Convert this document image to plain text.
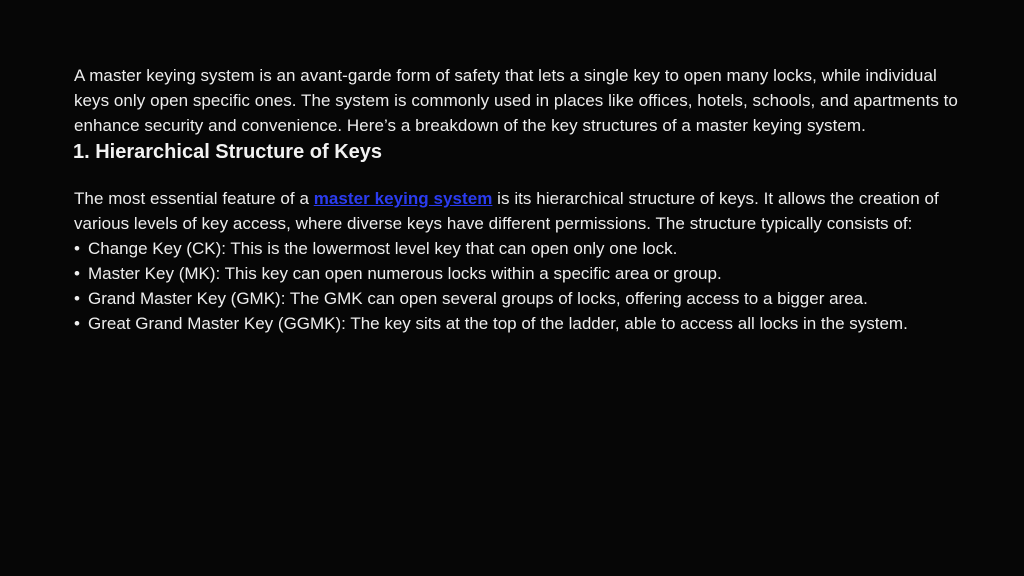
A master keying system is an avant-garde form of safety that lets a single key to open many locks, while individual keys only open specific ones. The system is commonly used in places like offices, hotels, schools, and apartments to enhance security and convenience. Here’s a breakdown of the key structures of a master keying system.

1. Hierarchical Structure of Keys

The most essential feature of a master keying system is its hierarchical structure of keys. It allows the creation of various levels of key access, where diverse keys have different permissions. The structure typically consists of:

• Change Key (CK): This is the lowermost level key that can open only one lock.
• Master Key (MK): This key can open numerous locks within a specific area or group.
• Grand Master Key (GMK): The GMK can open several groups of locks, offering access to a bigger area.
• Great Grand Master Key (GGMK): The key sits at the top of the ladder, able to access all locks in the system.
